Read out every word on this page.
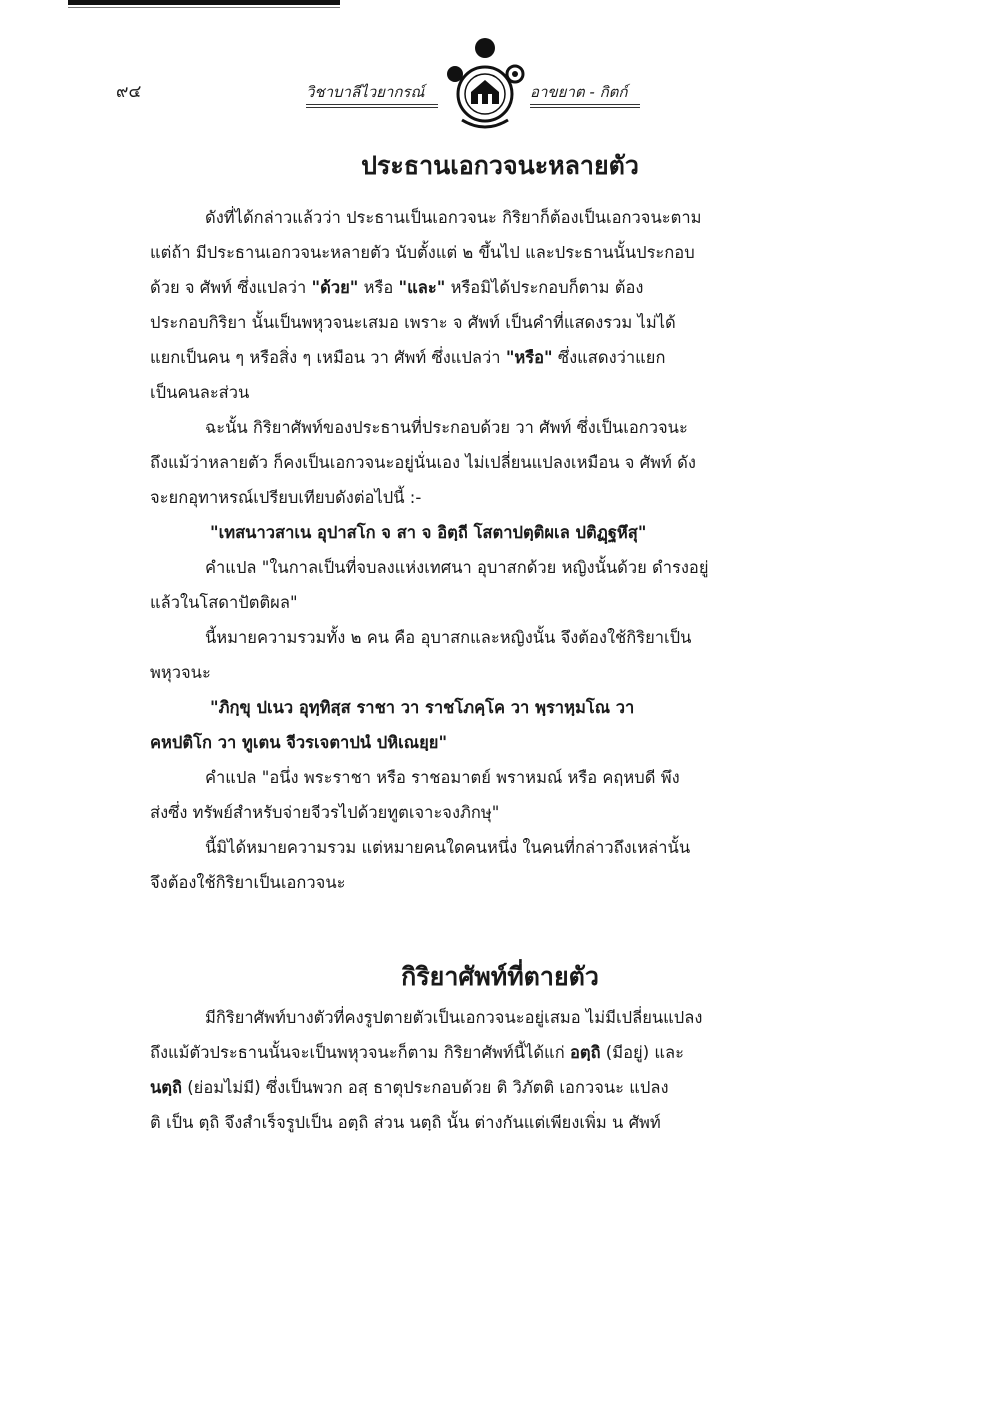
๙๔	วิชาบาลีไวยากรณ์	อาขยาต - กิตก์
ประธานเอกวจนะหลายตัว

ดังที่ได้กล่าวแล้วว่า ประธานเป็นเอกวจนะ กิริยาก็ต้องเป็นเอกวจนะตาม
แต่ถ้า มีประธานเอกวจนะหลายตัว นับตั้งแต่ ๒ ขึ้นไป และประธานนั้นประกอบ
ด้วย จ ศัพท์ ซึ่งแปลว่า "ด้วย" หรือ "และ" หรือมิได้ประกอบก็ตาม ต้อง
ประกอบกิริยา นั้นเป็นพหุวจนะเสมอ เพราะ จ ศัพท์ เป็นคำที่แสดงรวม ไม่ได้
แยกเป็นคน ๆ หรือสิ่ง ๆ เหมือน วา ศัพท์ ซึ่งแปลว่า "หรือ" ซึ่งแสดงว่าแยก
เป็นคนละส่วน

ฉะนั้น กิริยาศัพท์ของประธานที่ประกอบด้วย วา ศัพท์ ซึ่งเป็นเอกวจนะ
ถึงแม้ว่าหลายตัว ก็คงเป็นเอกวจนะอยู่นั่นเอง ไม่เปลี่ยนแปลงเหมือน จ ศัพท์ ดัง
จะยกอุทาหรณ์เปรียบเทียบดังต่อไปนี้ :-

"เทสนาวสาเน อุปาสโก จ สา จ อิตฺถี โสตาปตฺติผเล ปติฏฺฐหึสุ"

คำแปล "ในกาลเป็นที่จบลงแห่งเทศนา อุบาสกด้วย หญิงนั้นด้วย ดำรงอยู่
แล้วในโสดาปัตติผล"

นี้หมายความรวมทั้ง ๒ คน คือ อุบาสกและหญิงนั้น จึงต้องใช้กิริยาเป็น
พหุวจนะ

"ภิกฺขุ ปเนว อุทฺทิสฺส ราชา วา ราชโภคฺโค วา พฺราหฺมโณ วา
คหปติโก วา ทูเตน จีวรเจตาปนํ ปหิเณยฺย"

คำแปล "อนึ่ง พระราชา หรือ ราชอมาตย์ พราหมณ์ หรือ คฤหบดี พึง
ส่งซึ่ง ทรัพย์สำหรับจ่ายจีวรไปด้วยทูตเจาะจงภิกษุ"

นี้มิได้หมายความรวม แต่หมายคนใดคนหนึ่ง ในคนที่กล่าวถึงเหล่านั้น
จึงต้องใช้กิริยาเป็นเอกวจนะ

กิริยาศัพท์ที่ตายตัว

มีกิริยาศัพท์บางตัวที่คงรูปตายตัวเป็นเอกวจนะอยู่เสมอ ไม่มีเปลี่ยนแปลง
ถึงแม้ตัวประธานนั้นจะเป็นพหุวจนะก็ตาม กิริยาศัพท์นี้ได้แก่ อตฺถิ (มีอยู่) และ
นตฺถิ (ย่อมไม่มี) ซึ่งเป็นพวก อสฺ ธาตุประกอบด้วย ติ วิภัตติ เอกวจนะ แปลง
ติ เป็น ตฺถิ จึงสำเร็จรูปเป็น อตฺถิ ส่วน นตฺถิ นั้น ต่างกันแต่เพียงเพิ่ม น ศัพท์
